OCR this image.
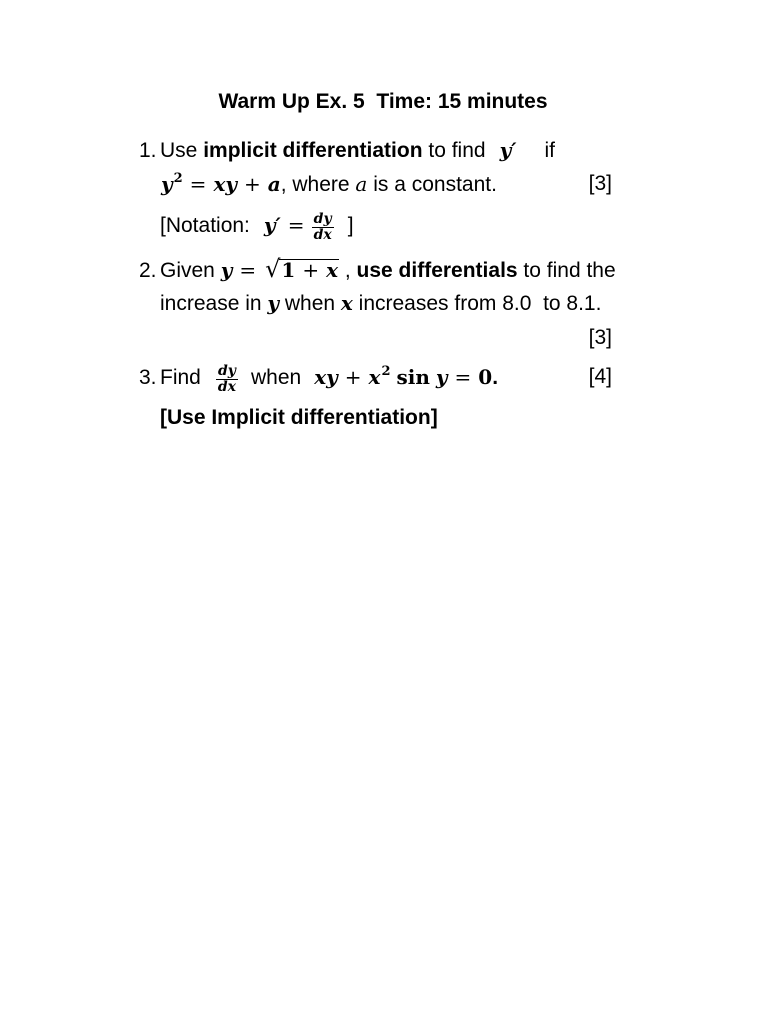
Warm Up Ex. 5  Time: 15 minutes
1. Use implicit differentiation to find y′ if
y 2 = xy + a , where a is a constant.	[3]
[Notation: $y' = \frac{dy}{dx}$ ]
2. Given y = √ 1 + x , use differentials to find the
increase in y when x increases from 8.0  to 8.1.
[3]
3. Find $\frac{dy}{dx}$ when xy + x 2 sin y = 0 .	[4]
[Use Implicit differentiation]
